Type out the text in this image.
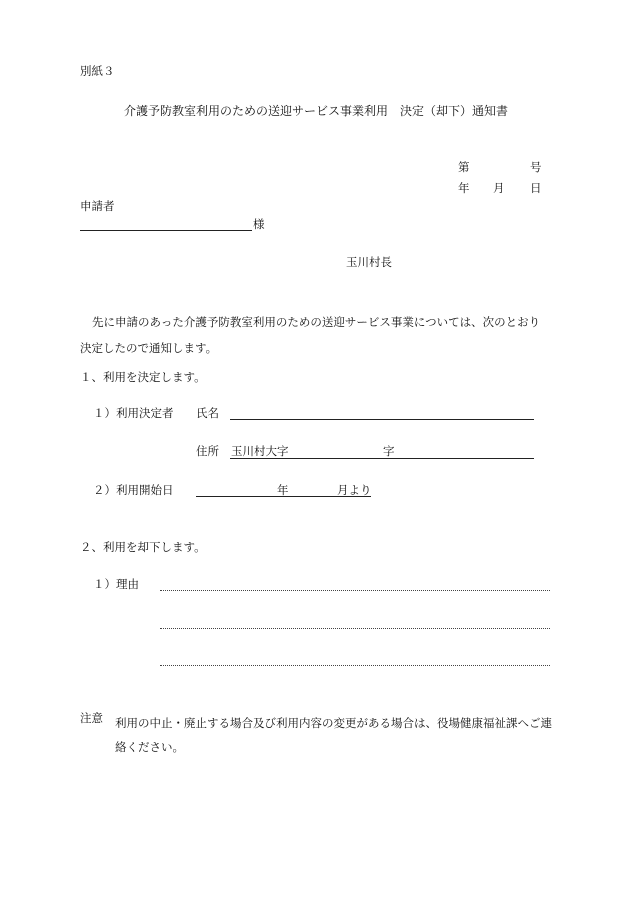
別紙３
介護予防教室利用のための送迎サービス事業利用　決定（却下）通知書
第	号
年 月 日
申請者
様
玉川村長
先に申請のあった介護予防教室利用のための送迎サービス事業については、次のとおり決定したので通知します。
１、利用を決定します。
１）利用決定者 氏名
住所 玉川村大字	字
２）利用開始日	年	月より
２、利用を却下します。
１）理由
注意 利用の中止・廃止する場合及び利用内容の変更がある場合は、役場健康福祉課へご連絡ください。
